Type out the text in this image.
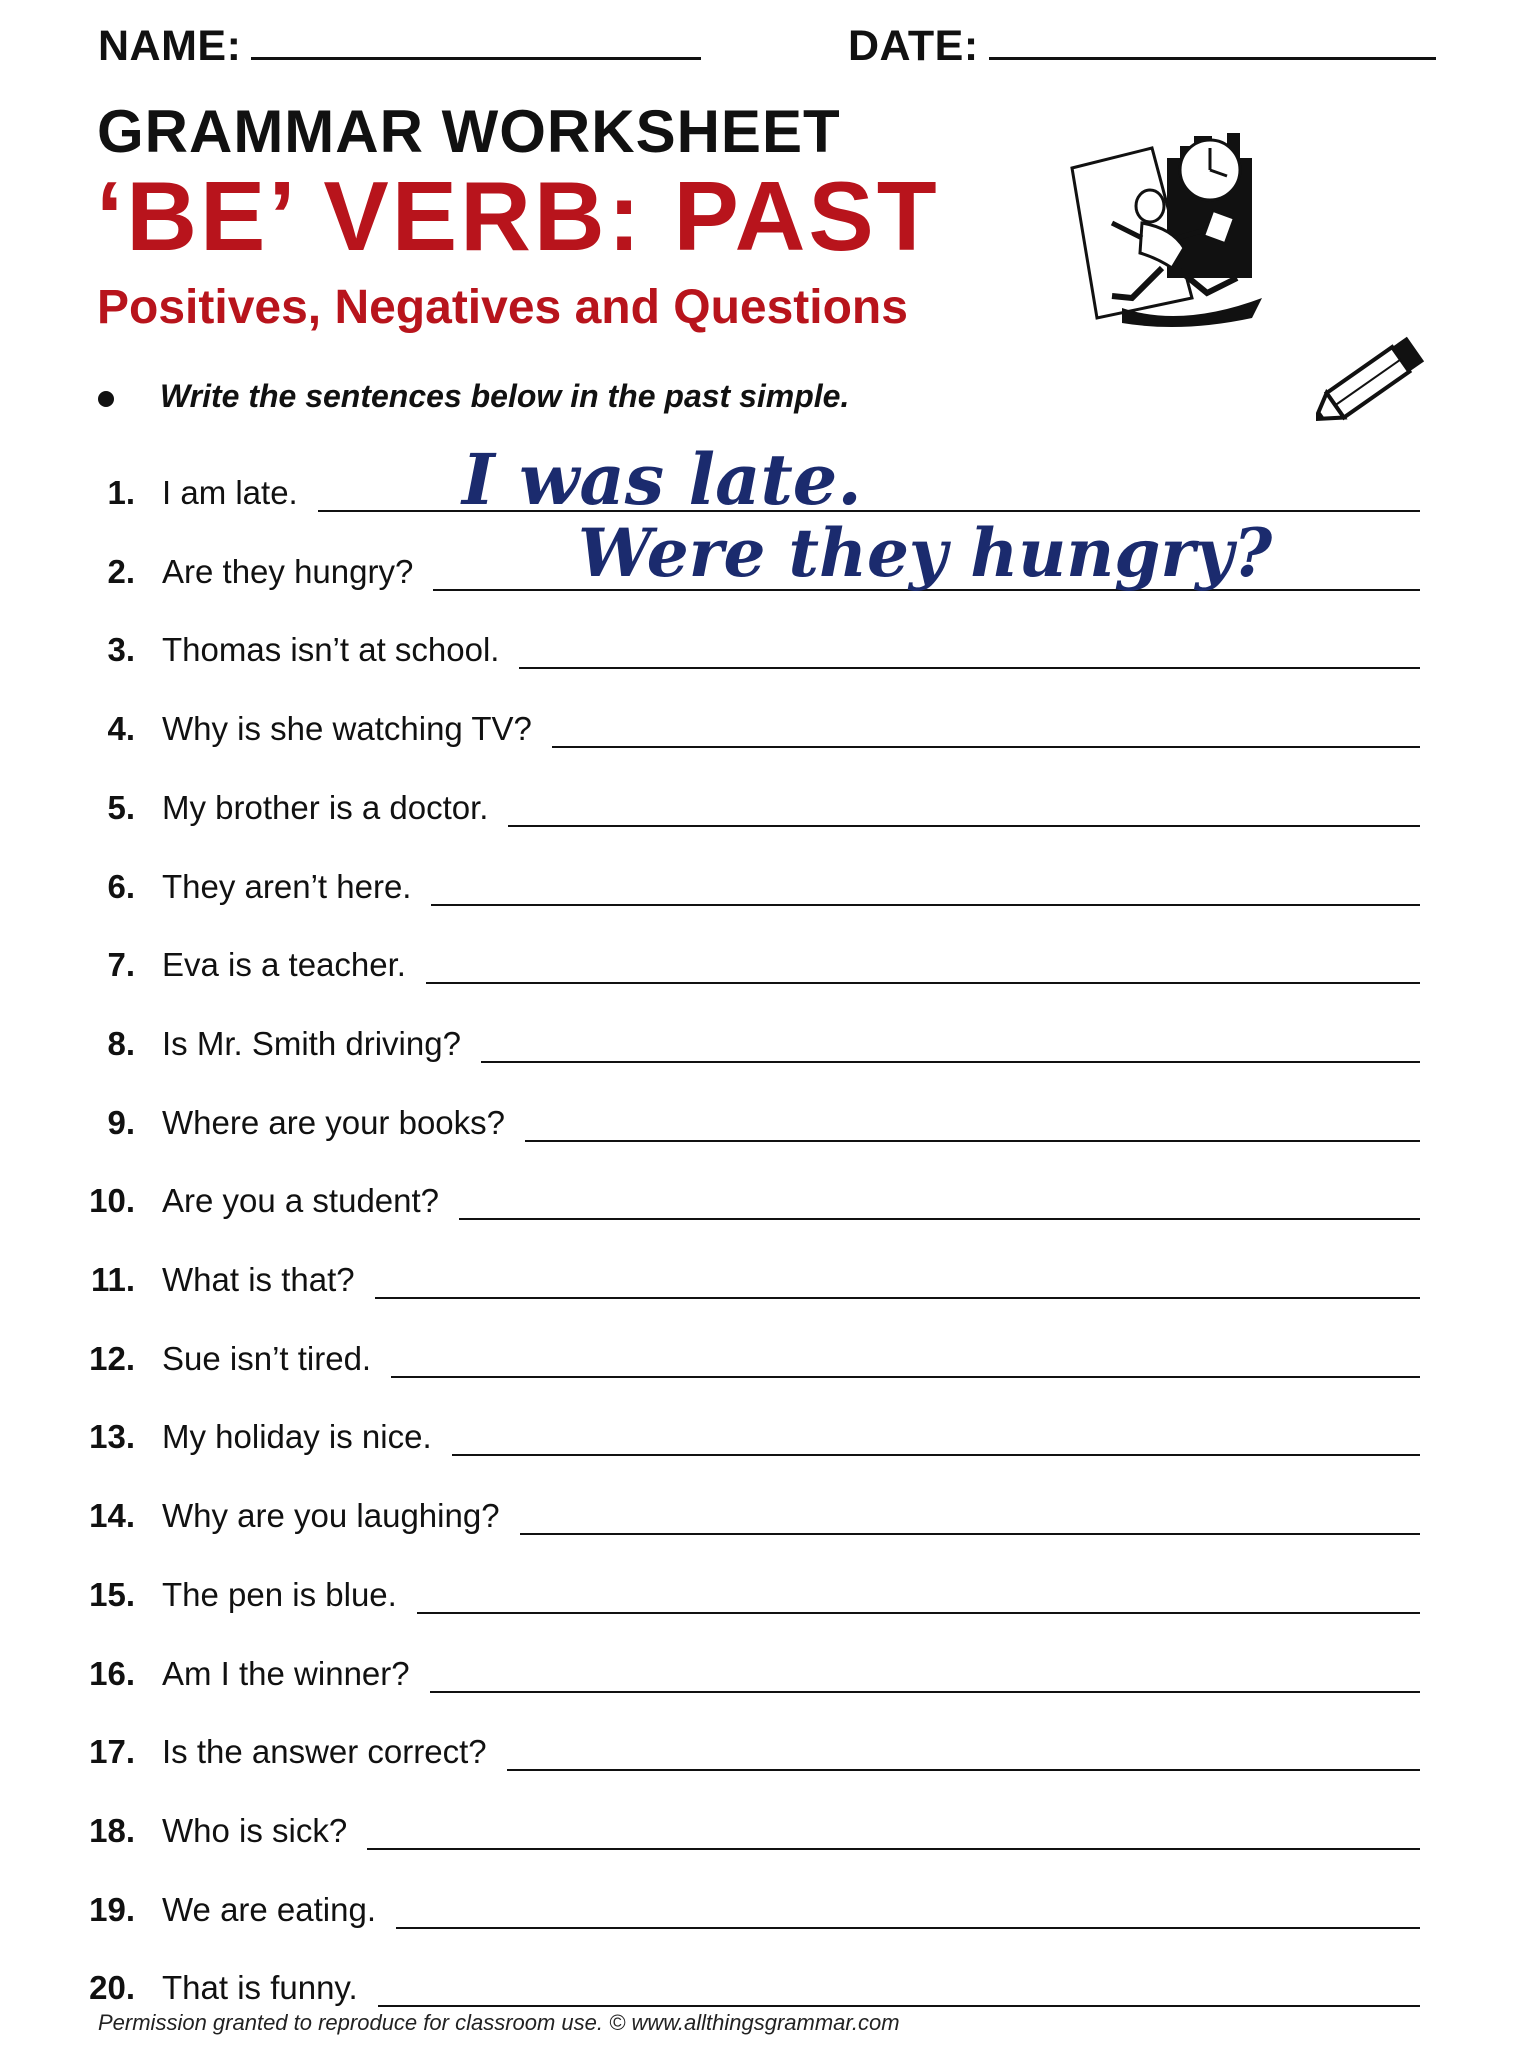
NAME:	DATE:
GRAMMAR WORKSHEET
‘BE’ VERB: PAST
Positives, Negatives and Questions
Write the sentences below in the past simple.
1. I am late.
2. Are they hungry?
3. Thomas isn’t at school.
4. Why is she watching TV?
5. My brother is a doctor.
6. They aren’t here.
7. Eva is a teacher.
8. Is Mr. Smith driving?
9. Where are your books?
10. Are you a student?
11. What is that?
12. Sue isn’t tired.
13. My holiday is nice.
14. Why are you laughing?
15. The pen is blue.
16. Am I the winner?
17. Is the answer correct?
18. Who is sick?
19. We are eating.
20. That is funny.
I was late.
Were they hungry?
Permission granted to reproduce for classroom use. © www.allthingsgrammar.com
